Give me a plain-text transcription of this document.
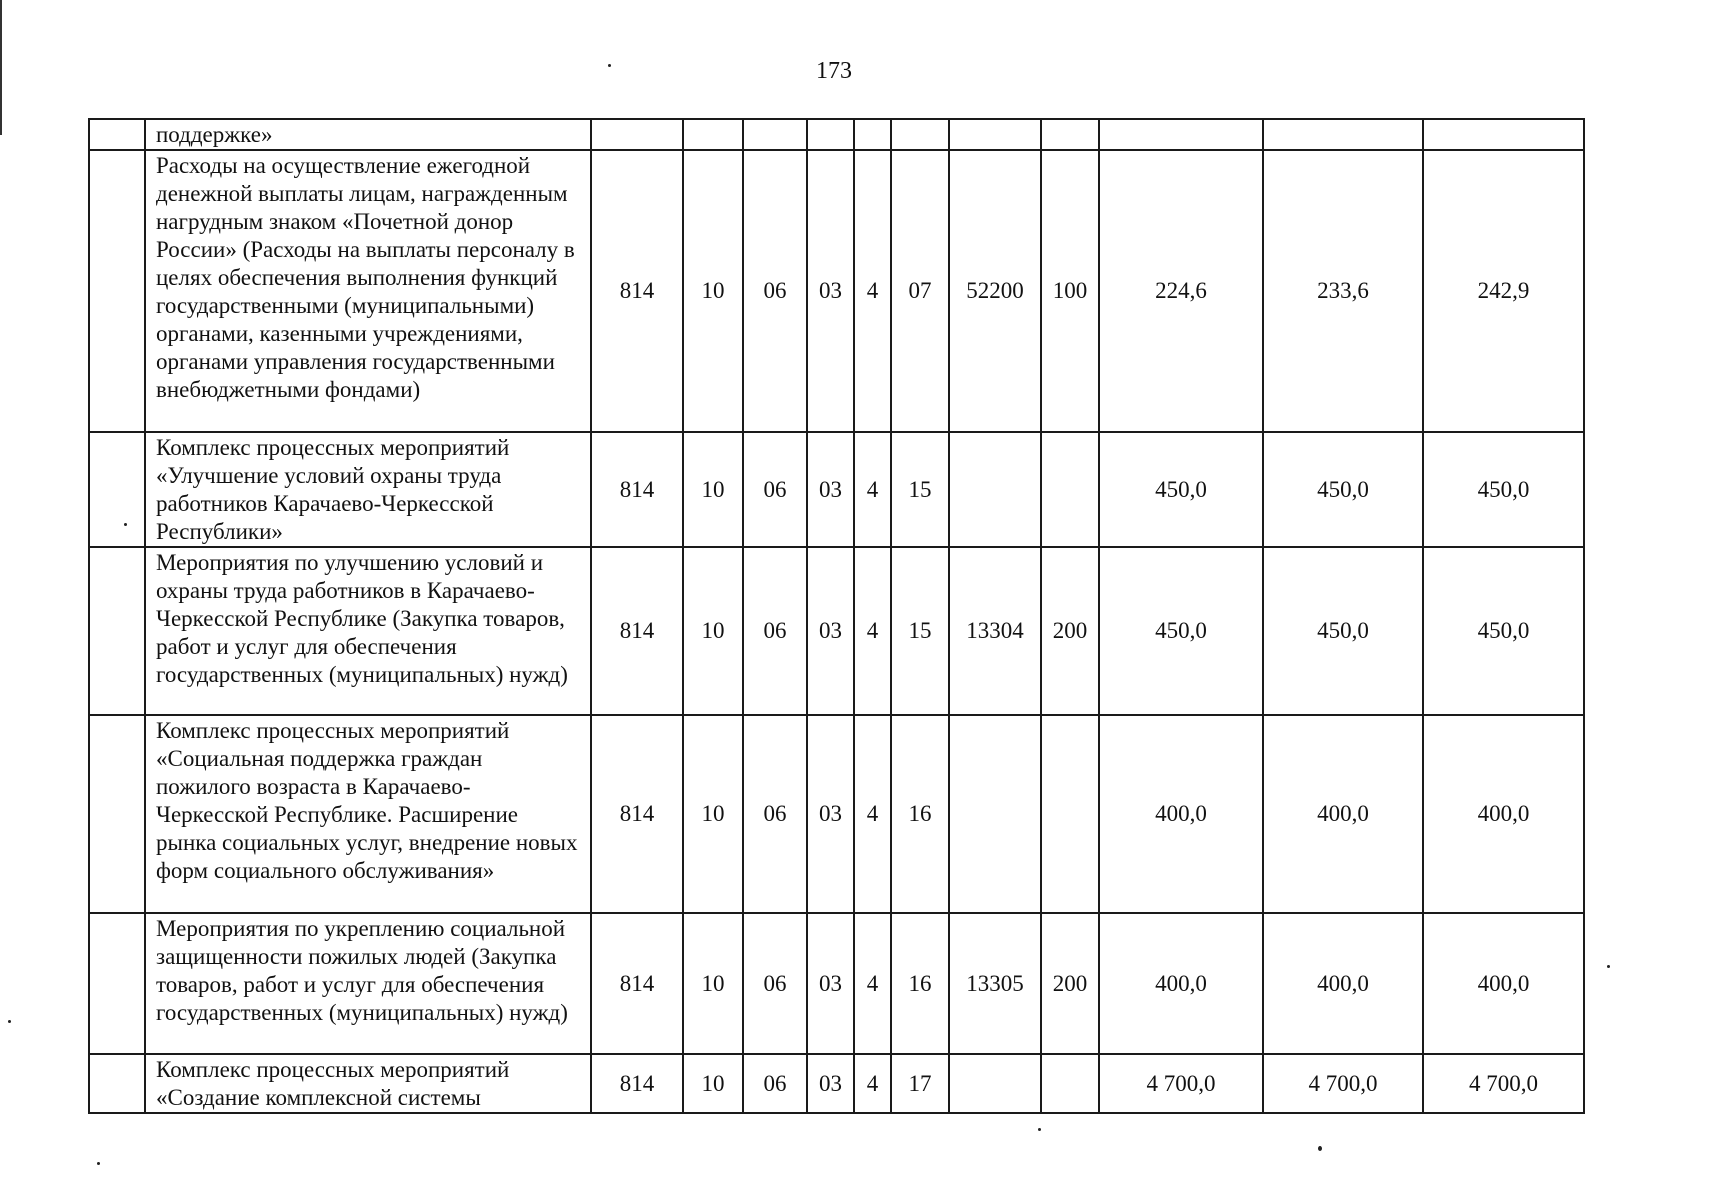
173
	поддержке»											
	Расходы на осуществление ежегодной денежной выплаты лицам, награжденным нагрудным знаком «Почетной донор России» (Расходы на выплаты персоналу в целях обеспечения выполнения функций государственными (муниципальными) органами, казенными учреждениями, органами управления государственными внебюджетными фондами)	814	10	06	03	4	07	52200	100	224,6	233,6	242,9
	Комплекс процессных мероприятий «Улучшение условий охраны труда работников Карачаево-Черкесской Республики»	814	10	06	03	4	15			450,0	450,0	450,0
	Мероприятия по улучшению условий и охраны труда работников в Карачаево-Черкесской Республике (Закупка товаров, работ и услуг для обеспечения государственных (муниципальных) нужд)	814	10	06	03	4	15	13304	200	450,0	450,0	450,0
	Комплекс процессных мероприятий «Социальная поддержка граждан пожилого возраста в Карачаево-Черкесской Республике. Расширение рынка социальных услуг, внедрение новых форм социального обслуживания»	814	10	06	03	4	16			400,0	400,0	400,0
	Мероприятия по укреплению социальной защищенности пожилых людей (Закупка товаров, работ и услуг для обеспечения государственных (муниципальных) нужд)	814	10	06	03	4	16	13305	200	400,0	400,0	400,0
	Комплекс процессных мероприятий «Создание комплексной системы	814	10	06	03	4	17			4 700,0	4 700,0	4 700,0
